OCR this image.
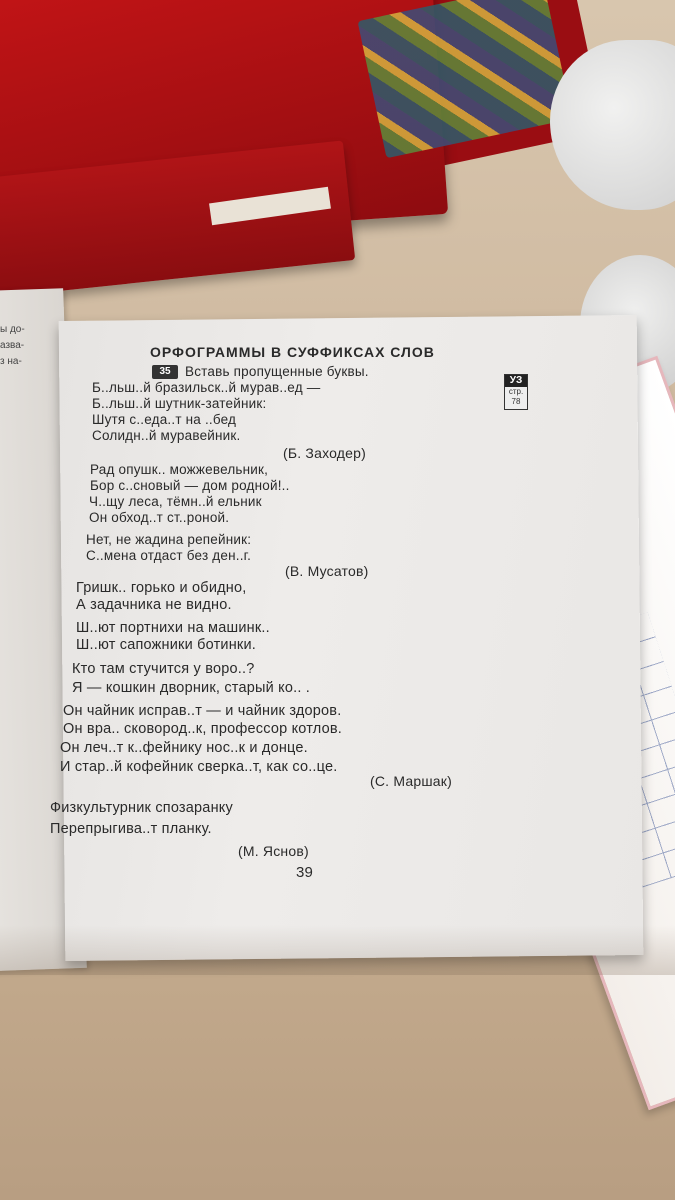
ы до-
азва-
з на-
ОРФОГРАММЫ В СУФФИКСАХ СЛОВ
35	Вставь пропущенные буквы.
УЗ
стр.
78
Б..льш..й бразильск..й мурав..ед —
Б..льш..й шутник-затейник:
Шутя с..еда..т на ..бед
Солидн..й муравейник.
(Б. Заходер)
Рад опушк.. можжевельник,
Бор с..сновый — дом родной!..
Ч..щу леса, тёмн..й ельник
Он обход..т ст..роной.
Нет, не жадина репейник:
С..мена отдаст без ден..г.
(В. Мусатов)
Гришк.. горько и обидно,
А задачника не видно.
Ш..ют портнихи на машинк..
Ш..ют сапожники ботинки.
Кто там стучится у воро..?
Я — кошкин дворник, старый ко.. .
Он чайник исправ..т — и чайник здоров.
Он вра.. сковород..к, профессор котлов.
Он леч..т к..фейнику нос..к и донце.
И стар..й кофейник сверка..т, как со..це.
(С. Маршак)
Физкультурник спозаранку
Перепрыгива..т планку.
(М. Яснов)
39
